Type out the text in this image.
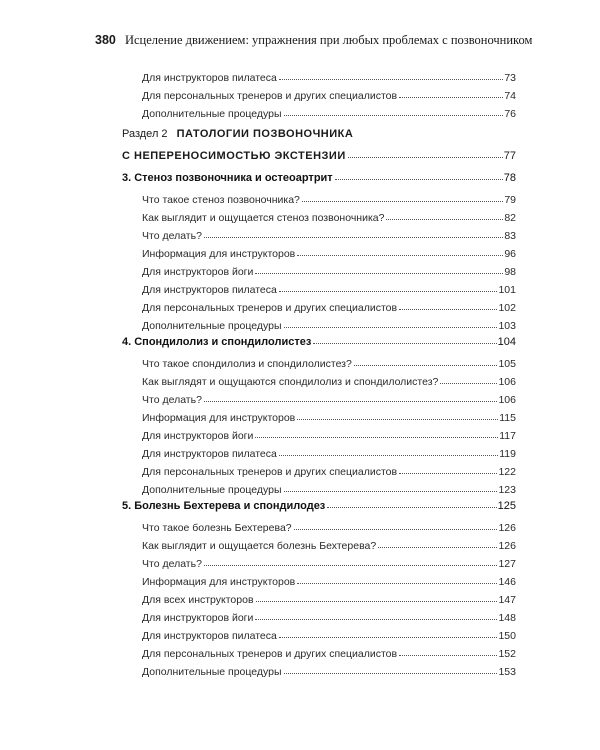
380 Исцеление движением: упражнения при любых проблемах с позвоночником
Для инструкторов пилатеса	73
Для персональных тренеров и других специалистов	74
Дополнительные процедуры	76
Раздел 2 ПАТОЛОГИИ ПОЗВОНОЧНИКА
С НЕПЕРЕНОСИМОСТЬЮ ЭКСТЕНЗИИ	77
3. Стеноз позвоночника и остеоартрит	78
Что такое стеноз позвоночника?	79
Как выглядит и ощущается стеноз позвоночника?	82
Что делать?	83
Информация для инструкторов	96
Для инструкторов йоги	98
Для инструкторов пилатеса	101
Для персональных тренеров и других специалистов	102
Дополнительные процедуры	103
4. Спондилолиз и спондилолистез	104
Что такое спондилолиз и спондилолистез?	105
Как выглядят и ощущаются спондилолиз и спондилолистез?	106
Что делать?	106
Информация для инструкторов	115
Для инструкторов йоги	117
Для инструкторов пилатеса	119
Для персональных тренеров и других специалистов	122
Дополнительные процедуры	123
5. Болезнь Бехтерева и спондилодез	125
Что такое болезнь Бехтерева?	126
Как выглядит и ощущается болезнь Бехтерева?	126
Что делать?	127
Информация для инструкторов	146
Для всех инструкторов	147
Для инструкторов йоги	148
Для инструкторов пилатеса	150
Для персональных тренеров и других специалистов	152
Дополнительные процедуры	153
